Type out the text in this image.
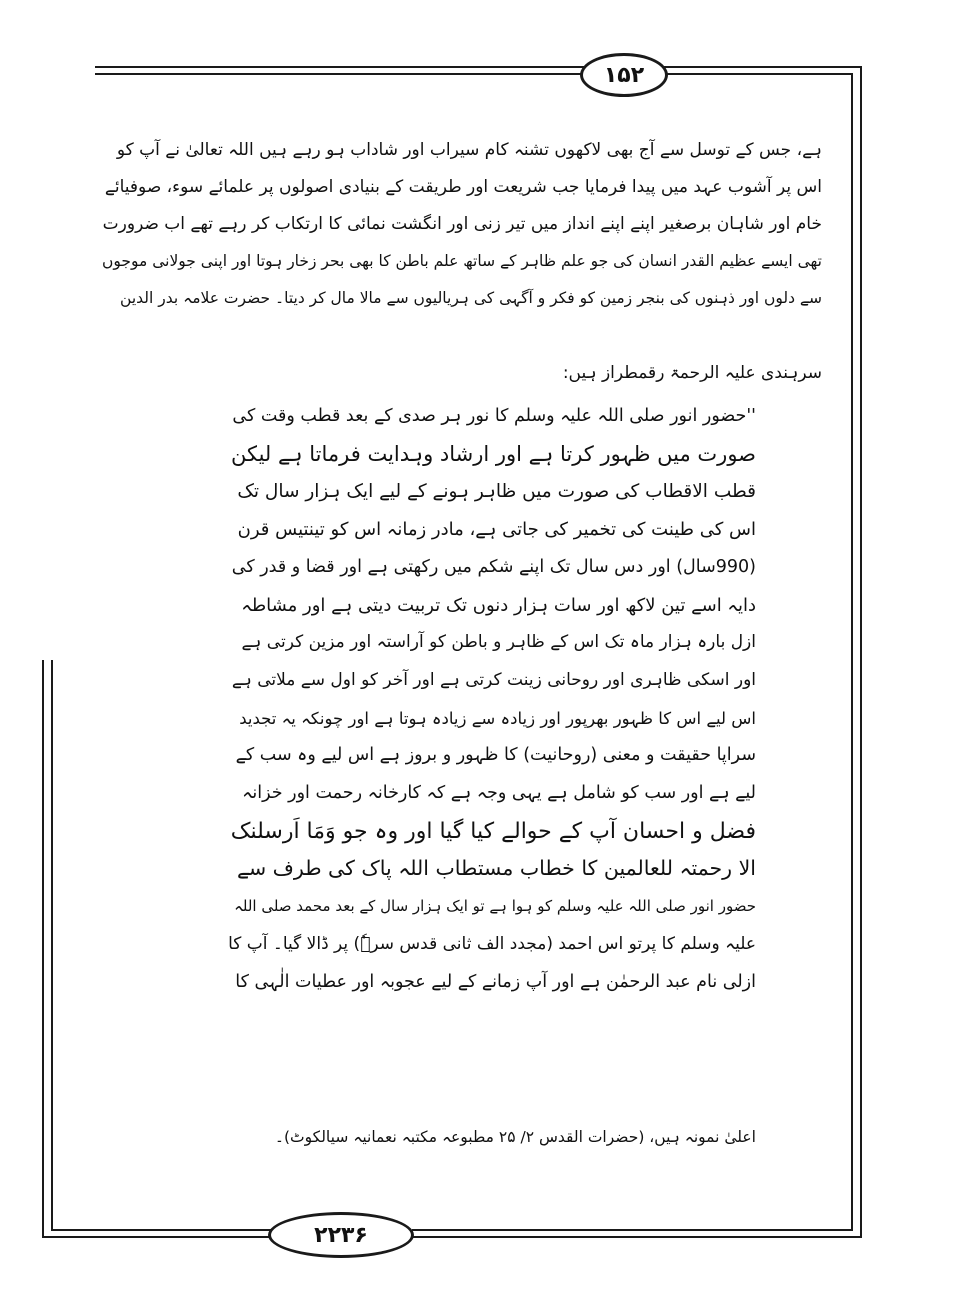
۱۵۲
۲۲۳۶

ہے، جس کے توسل سے آج بھی لاکھوں تشنہ کام سیراب اور شاداب ہو رہے ہیں اللہ تعالیٰ نے آپ کو

اس پر آشوب عہد میں پیدا فرمایا جب شریعت اور طریقت کے بنیادی اصولوں پر علمائے سوء، صوفیائے

خام اور شاہان برصغیر اپنے اپنے انداز میں تیر زنی اور انگشت نمائی کا ارتکاب کر رہے تھے اب ضرورت

تھی ایسے عظیم القدر انسان کی جو علم ظاہر کے ساتھ علم باطن کا بھی بحر زخار ہوتا اور اپنی جولانی موجوں

سے دلوں اور ذہنوں کی بنجر زمین کو فکر و آگہی کی ہریالیوں سے مالا مال کر دیتا۔ حضرت علامہ بدر الدین

سرہندی علیہ الرحمۃ رقمطراز ہیں:

''حضور انور صلی اللہ علیہ وسلم کا نور ہر صدی کے بعد قطب وقت کی

صورت میں ظہور کرتا ہے اور ارشاد وہدایت فرماتا ہے لیکن

قطب الاقطاب کی صورت میں ظاہر ہونے کے لیے ایک ہزار سال تک

اس کی طینت کی تخمیر کی جاتی ہے، مادر زمانہ اس کو تینتیس قرن

(990سال) اور دس سال تک اپنے شکم میں رکھتی ہے اور قضا و قدر کی

دایہ اسے تین لاکھ اور سات ہزار دنوں تک تربیت دیتی ہے اور مشاطہ

ازل بارہ ہزار ماہ تک اس کے ظاہر و باطن کو آراستہ اور مزین کرتی ہے

اور اسکی ظاہری اور روحانی زینت کرتی ہے اور آخر کو اول سے ملاتی ہے

اس لیے اس کا ظہور بھرپور اور زیادہ سے زیادہ ہوتا ہے اور چونکہ یہ تجدید

سراپا حقیقت و معنی (روحانیت) کا ظہور و بروز ہے اس لیے وہ سب کے

لیے ہے اور سب کو شامل ہے یہی وجہ ہے کہ کارخانہ رحمت اور خزانہ

فضل و احسان آپ کے حوالے کیا گیا اور وہ جو وَمَا اَرسلنک

الا رحمتہ للعالمین کا خطاب مستطاب اللہ پاک کی طرف سے

حضور انور صلی اللہ علیہ وسلم کو ہوا ہے تو ایک ہزار سال کے بعد محمد صلی اللہ

علیہ وسلم کا پرتو اس احمد (مجدد الف ثانی قدس سرہٗ) پر ڈالا گیا۔ آپ کا

ازلی نام عبد الرحمٰن ہے اور آپ زمانے کے لیے عجوبہ اور عطیات الٰہی کا

اعلیٰ نمونہ ہیں، (حضرات القدس ۲/ ۲۵ مطبوعہ مکتبہ نعمانیہ سیالکوٹ)۔
